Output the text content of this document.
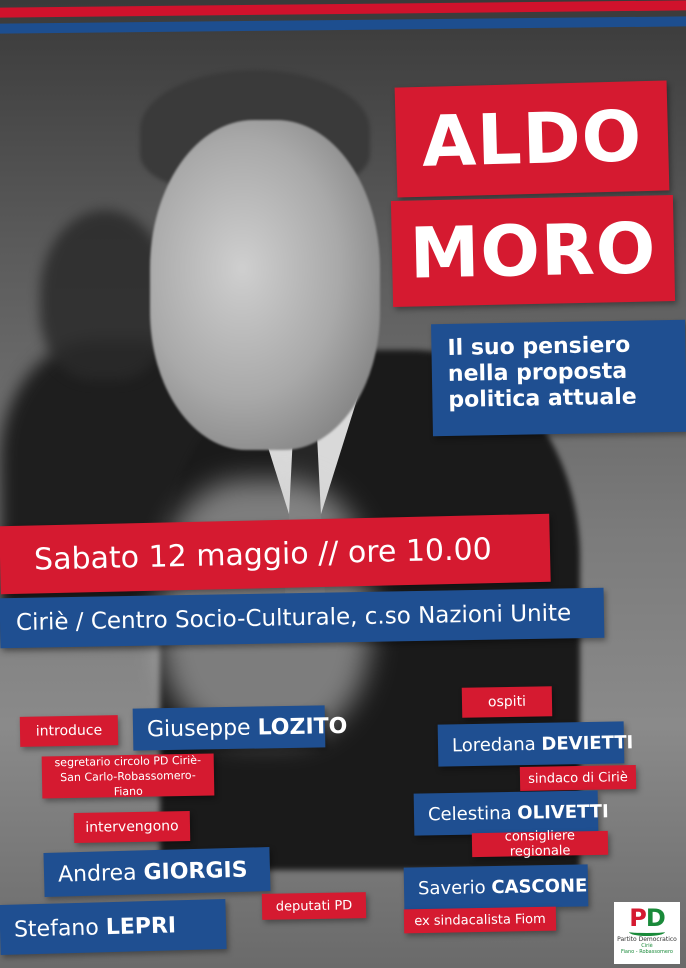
ALDO
MORO
Il suo pensiero
nella proposta
politica attuale
Sabato 12 maggio // ore 10.00
Ciriè / Centro Socio-Culturale, c.so Nazioni Unite
introduce	Giuseppe
LOZITO
segretario circolo PD Ciriè-
San Carlo-Robassomero-Fiano
intervengono
Andrea
GIORGIS
Stefano
LEPRI
deputati PD
ospiti
Loredana
DEVIETTI
sindaco di Ciriè
Celestina
OLIVETTI
consigliere regionale
Saverio
CASCONE
ex sindacalista Fiom	PD
Partito Democratico
Ciriè
Fiano - Robassomero
